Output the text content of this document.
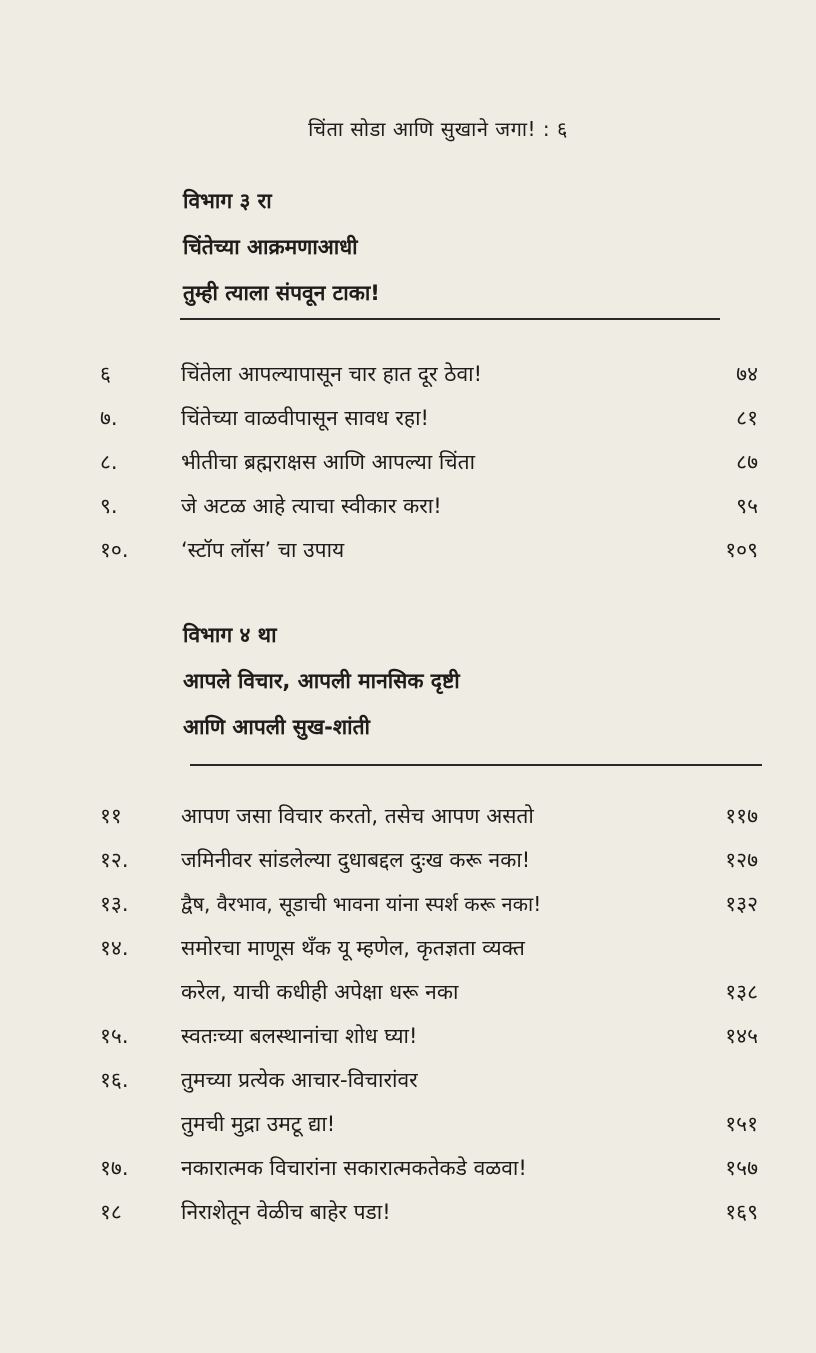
चिंता सोडा आणि सुखाने जगा! : ६
विभाग ३ रा
चिंतेच्या आक्रमणाआधी
तुम्ही त्याला संपवून टाका!
६	चिंतेला आपल्यापासून चार हात दूर ठेवा!	७४
७.	चिंतेच्या वाळवीपासून सावध रहा!	८१
८.	भीतीचा ब्रह्मराक्षस आणि आपल्या चिंता	८७
९.	जे अटळ आहे त्याचा स्वीकार करा!	९५
१०. ‘स्टॉप लॉस’ चा उपाय	१०९
विभाग ४ था
आपले विचार, आपली मानसिक दृष्टी
आणि आपली सुख-शांती
११	आपण जसा विचार करतो, तसेच आपण असतो	११७
१२. जमिनीवर सांडलेल्या दुधाबद्दल दुःख करू नका!	१२७
१३.	द्वैष, वैरभाव, सूडाची भावना यांना स्पर्श करू नका!	१३२
१४. समोरचा माणूस थँक यू म्हणेल, कृतज्ञता व्यक्त
करेल, याची कधीही अपेक्षा धरू नका	१३८
१५. स्वतःच्या बलस्थानांचा शोध घ्या!	१४५
१६. तुमच्या प्रत्येक आचार-विचारांवर
तुमची मुद्रा उमटू द्या!	१५१
१७. नकारात्मक विचारांना सकारात्मकतेकडे वळवा!	१५७
१८	निराशेतून वेळीच बाहेर पडा!	१६९
